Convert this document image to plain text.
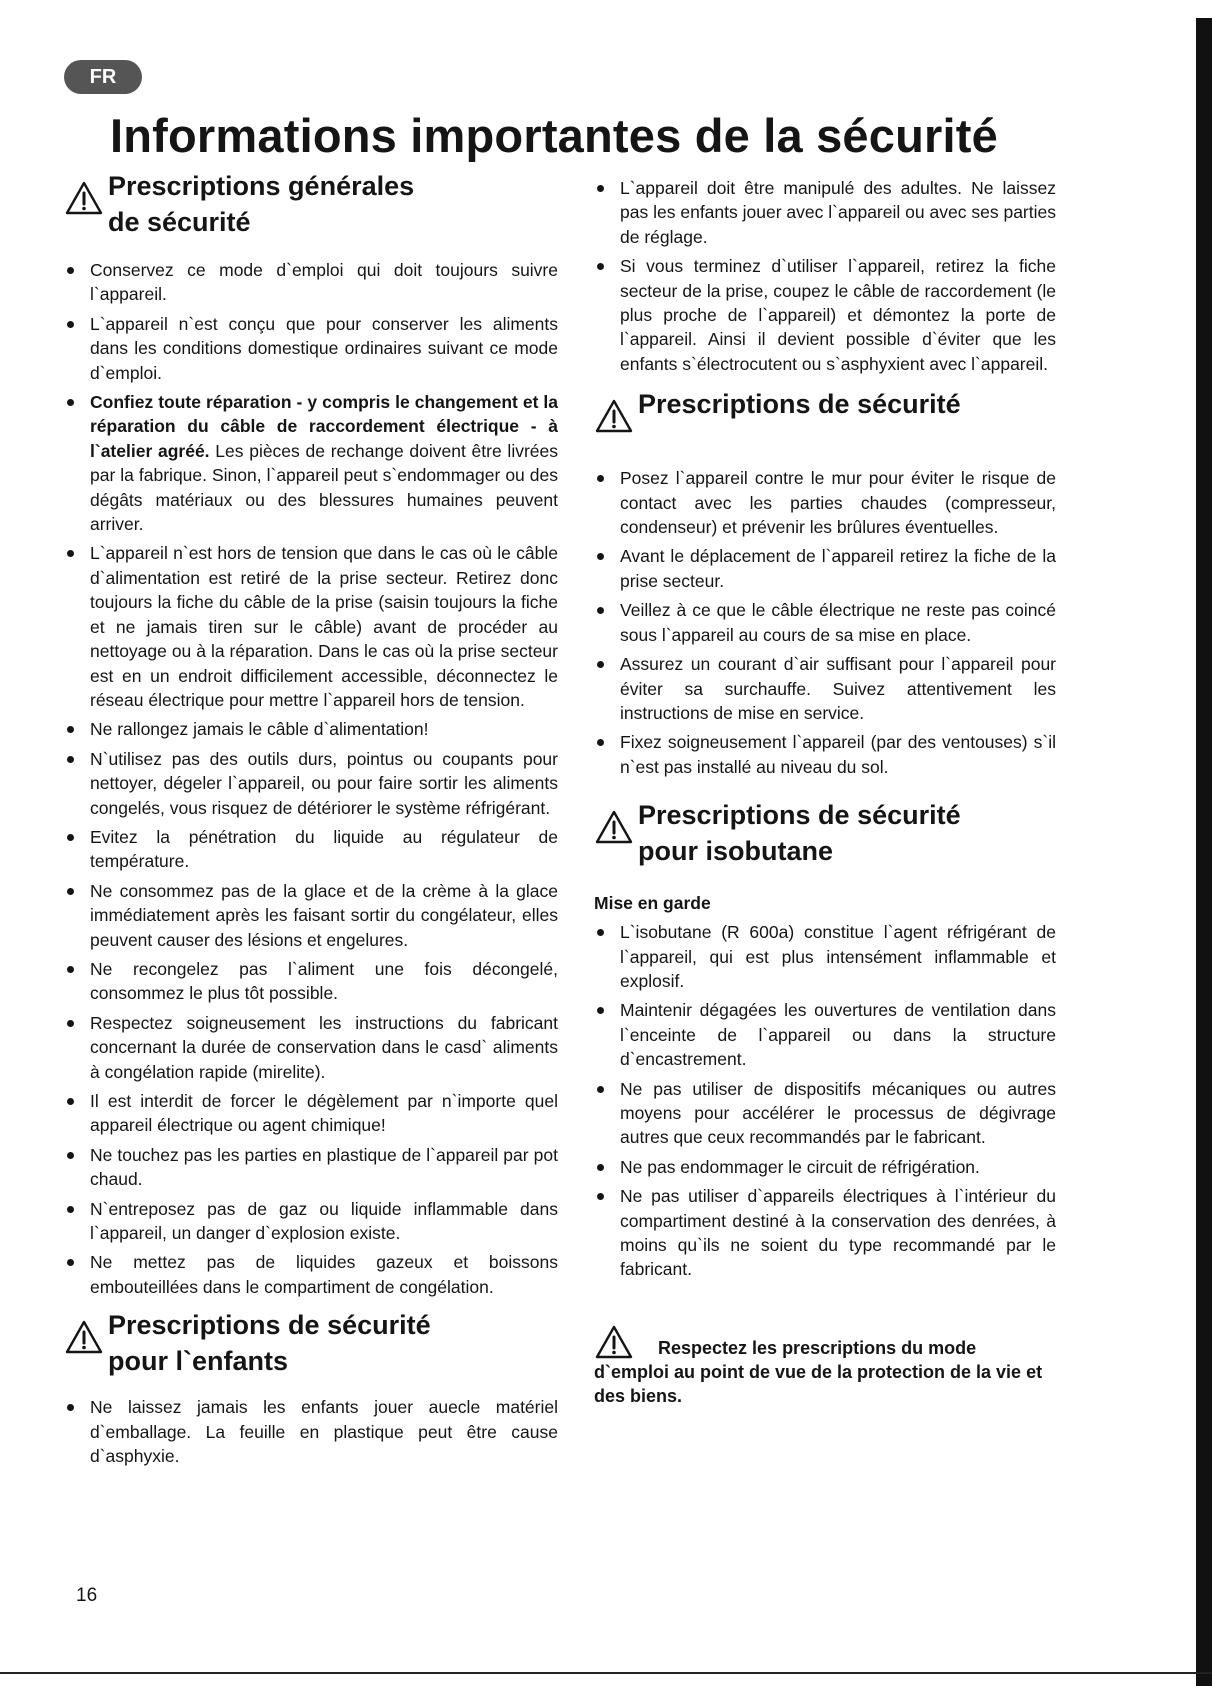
FR
Informations importantes de la sécurité
Prescriptions générales
de sécurité
Conservez ce mode d`emploi qui doit toujours suivre l`appareil.
L`appareil n`est conçu que pour conserver les aliments dans les conditions domestique ordinaires suivant ce mode d`emploi.
Confiez toute réparation - y compris le changement et la réparation du câble de raccordement électrique - à l`atelier agréé. Les pièces de rechange doivent être livrées par la fabrique. Sinon, l`appareil peut s`endommager ou des dégâts matériaux ou des blessures humaines peuvent arriver.
L`appareil n`est hors de tension que dans le cas où le câble d`alimentation est retiré de la prise secteur. Retirez donc toujours la fiche du câble de la prise (saisin toujours la fiche et ne jamais tiren sur le câble) avant de procéder au nettoyage ou à la réparation. Dans le cas où la prise secteur est en un endroit difficilement accessible, déconnectez le réseau électrique pour mettre l`appareil hors de tension.
Ne rallongez jamais le câble d`alimentation!
N`utilisez pas des outils durs, pointus ou coupants pour nettoyer, dégeler l`appareil, ou pour faire sortir les aliments congelés, vous risquez de détériorer le système réfrigérant.
Evitez la pénétration du liquide au régulateur de température.
Ne consommez pas de la glace et de la crème à la glace immédiatement après les faisant sortir du congélateur, elles peuvent causer des lésions et engelures.
Ne recongelez pas l`aliment une fois décongelé, consommez le plus tôt possible.
Respectez soigneusement les instructions du fabricant concernant la durée de conservation dans le casd` aliments à congélation rapide (mirelite).
Il est interdit de forcer le dégèlement par n`importe quel appareil électrique ou agent chimique!
Ne touchez pas les parties en plastique de l`appareil par pot chaud.
N`entreposez pas de gaz ou liquide inflammable dans l`appareil, un danger d`explosion existe.
Ne mettez pas de liquides gazeux et boissons embouteillées dans le compartiment de congélation.
Prescriptions de sécurité
pour l`enfants
Ne laissez jamais les enfants jouer auecle matériel d`emballage. La feuille en plastique peut être cause d`asphyxie.
L`appareil doit être manipulé des adultes. Ne laissez pas les enfants jouer avec l`appareil ou avec ses parties de réglage.
Si vous terminez d`utiliser l`appareil, retirez la fiche secteur de la prise, coupez le câble de raccordement (le plus proche de l`appareil) et démontez la porte de l`appareil. Ainsi il devient possible d`éviter que les enfants s`électrocutent ou s`asphyxient avec l`appareil.
Prescriptions de sécurité
Posez l`appareil contre le mur pour éviter le risque de contact avec les parties chaudes (compresseur, condenseur) et prévenir les brûlures éventuelles.
Avant le déplacement de l`appareil retirez la fiche de la prise secteur.
Veillez à ce que le câble électrique ne reste pas coincé sous l`appareil au cours de sa mise en place.
Assurez un courant d`air suffisant pour l`appareil pour éviter sa surchauffe. Suivez attentivement les instructions de mise en service.
Fixez soigneusement l`appareil (par des ventouses) s`il n`est pas installé au niveau du sol.
Prescriptions de sécurité
pour isobutane

Mise en garde

L`isobutane (R 600a) constitue l`agent réfrigérant de l`appareil, qui est plus intensément inflammable et explosif.
Maintenir dégagées les ouvertures de ventilation dans l`enceinte de l`appareil ou dans la structure d`encastrement.
Ne pas utiliser de dispositifs mécaniques ou autres moyens pour accélérer le processus de dégivrage autres que ceux recommandés par le fabricant.
Ne pas endommager le circuit de réfrigération.
Ne pas utiliser d`appareils électriques à l`intérieur du compartiment destiné à la conservation des denrées, à moins qu`ils ne soient du type recommandé par le fabricant.

Respectez les prescriptions du mode d`emploi au point de vue de la protection de la vie et des biens.

16
